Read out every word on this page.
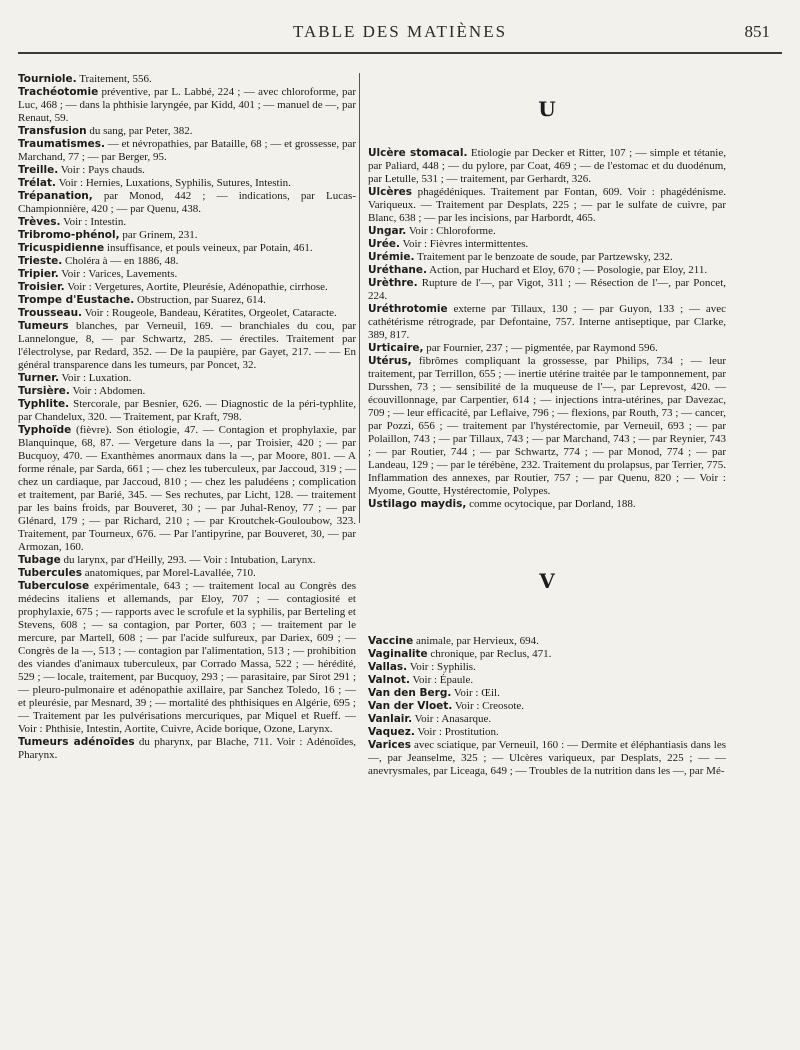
TABLE DES MATIÈNES	851

Tourniole. Traitement, 556.

Trachéotomie préventive, par L. Labbé, 224 ; — avec chloroforme, par Luc, 468 ; — dans la phthisie laryngée, par Kidd, 401 ; — manuel de —, par Renaut, 59.

Transfusion du sang, par Peter, 382.

Traumatismes. — et névropathies, par Bataille, 68 ; — et grossesse, par Marchand, 77 ; — par Berger, 95.

Treille. Voir : Pays chauds.

Trélat. Voir : Hernies, Luxations, Syphilis, Sutures, Intestin.

Trépanation, par Monod, 442 ; — indications, par Lucas-Championnière, 420 ; — par Quenu, 438.

Trèves. Voir : Intestin.

Tribromo-phénol, par Grinem, 231.

Tricuspidienne insuffisance, et pouls veineux, par Potain, 461.

Trieste. Choléra à — en 1886, 48.

Tripier. Voir : Varices, Lavements.

Troisier. Voir : Vergetures, Aortite, Pleurésie, Adénopathie, cirrhose.

Trompe d'Eustache. Obstruction, par Suarez, 614.

Trousseau. Voir : Rougeole, Bandeau, Kératites, Orgeolet, Cataracte.

Tumeurs blanches, par Verneuil, 169. — branchiales du cou, par Lannelongue, 8, — par Schwartz, 285. — érectiles. Traitement par l'électrolyse, par Redard, 352. — De la paupière, par Gayet, 217. — — En général transparence dans les tumeurs, par Poncet, 32.

Turner. Voir : Luxation.

Tursière. Voir : Abdomen.

Typhlite. Stercorale, par Besnier, 626. — Diagnostic de la péri-typhlite, par Chandelux, 320. — Traitement, par Kraft, 798.

Typhoïde (fièvre). Son étiologie, 47. — Contagion et prophylaxie, par Blanquinque, 68, 87. — Vergeture dans la —, par Troisier, 420 ; — par Bucquoy, 470. — Exanthèmes anormaux dans la —, par Moore, 801. — A forme rénale, par Sarda, 661 ; — chez les tuberculeux, par Jaccoud, 319 ; — chez un cardiaque, par Jaccoud, 810 ; — chez les paludéens ; complication et traitement, par Barié, 345. — Ses rechutes, par Licht, 128. — traitement par les bains froids, par Bouveret, 30 ; — par Juhal-Renoy, 77 ; — par Glénard, 179 ; — par Richard, 210 ; — par Kroutchek-Gouloubow, 323. Traitement, par Tourneux, 676. — Par l'antipyrine, par Bouveret, 30, — par Armozan, 160.

Tubage du larynx, par d'Heilly, 293. — Voir : Intubation, Larynx.

Tubercules anatomiques, par Morel-Lavallée, 710.

Tuberculose expérimentale, 643 ; — traitement local au Congrès des médecins italiens et allemands, par Eloy, 707 ; — contagiosité et prophylaxie, 675 ; — rapports avec le scrofule et la syphilis, par Berteling et Stevens, 608 ; — sa contagion, par Porter, 603 ; — traitement par le mercure, par Martell, 608 ; — par l'acide sulfureux, par Dariex, 609 ; — Congrès de la —, 513 ; — contagion par l'alimentation, 513 ; — prohibition des viandes d'animaux tuberculeux, par Corrado Massa, 522 ; — hérédité, 529 ; — locale, traitement, par Bucquoy, 293 ; — parasitaire, par Sirot 291 ; — pleuro-pulmonaire et adénopathie axillaire, par Sanchez Toledo, 16 ; — et pleurésie, par Mesnard, 39 ; — mortalité des phthisiques en Algérie, 695 ; — Traitement par les pulvérisations mercuriques, par Miquel et Rueff. — Voir : Phthisie, Intestin, Aortite, Cuivre, Acide borique, Ozone, Larynx.

Tumeurs adénoïdes du pharynx, par Blache, 711. Voir : Adénoïdes, Pharynx.

U

Ulcère stomacal. Etiologie par Decker et Ritter, 107 ; — simple et tétanie, par Paliard, 448 ; — du pylore, par Coat, 469 ; — de l'estomac et du duodénum, par Letulle, 531 ; — traitement, par Gerhardt, 326.

Ulcères phagédéniques. Traitement par Fontan, 609. Voir : phagédénisme. Variqueux. — Traitement par Desplats, 225 ; — par le sulfate de cuivre, par Blanc, 638 ; — par les incisions, par Harbordt, 465.

Ungar. Voir : Chloroforme.

Urée. Voir : Fièvres intermittentes.

Urémie. Traitement par le benzoate de soude, par Partzewsky, 232.

Uréthane. Action, par Huchard et Eloy, 670 ; — Posologie, par Eloy, 211.

Urèthre. Rupture de l'—, par Vigot, 311 ; — Résection de l'—, par Poncet, 224.

Uréthrotomie externe par Tillaux, 130 ; — par Guyon, 133 ; — avec cathétérisme rétrograde, par Defontaine, 757. Interne antiseptique, par Clarke, 389, 817.

Urticaire, par Fournier, 237 ; — pigmentée, par Raymond 596.

Utérus, fibrômes compliquant la grossesse, par Philips, 734 ; — leur traitement, par Terrillon, 655 ; — inertie utérine traitée par le tamponnement, par Dursshen, 73 ; — sensibilité de la muqueuse de l'—, par Leprevost, 420. — écouvillonnage, par Carpentier, 614 ; — injections intra-utérines, par Davezac, 709 ; — leur efficacité, par Leflaive, 796 ; — flexions, par Routh, 73 ; — cancer, par Pozzi, 656 ; — traitement par l'hystérectomie, par Verneuil, 693 ; — par Polaillon, 743 ; — par Tillaux, 743 ; — par Marchand, 743 ; — par Reynier, 743 ; — par Routier, 744 ; — par Schwartz, 774 ; — par Monod, 774 ; — par Landeau, 129 ; — par le térébène, 232. Traitement du prolapsus, par Terrier, 775. Inflammation des annexes, par Routier, 757 ; — par Quenu, 820 ; — Voir : Myome, Goutte, Hystérectomie, Polypes.

Ustilago maydis, comme ocytocique, par Dorland, 188.

V

Vaccine animale, par Hervieux, 694.

Vaginalite chronique, par Reclus, 471.

Vallas. Voir : Syphilis.

Valnot. Voir : Épaule.

Van den Berg. Voir : Œil.

Van der Vloet. Voir : Creosote.

Vanlair. Voir : Anasarque.

Vaquez. Voir : Prostitution.

Varices avec sciatique, par Verneuil, 160 : — Dermite et éléphantiasis dans les —, par Jeanselme, 325 ; — Ulcères variqueux, par Desplats, 225 ; — — anevrysmales, par Liceaga, 649 ; — Troubles de la nutrition dans les —, par Mé-
